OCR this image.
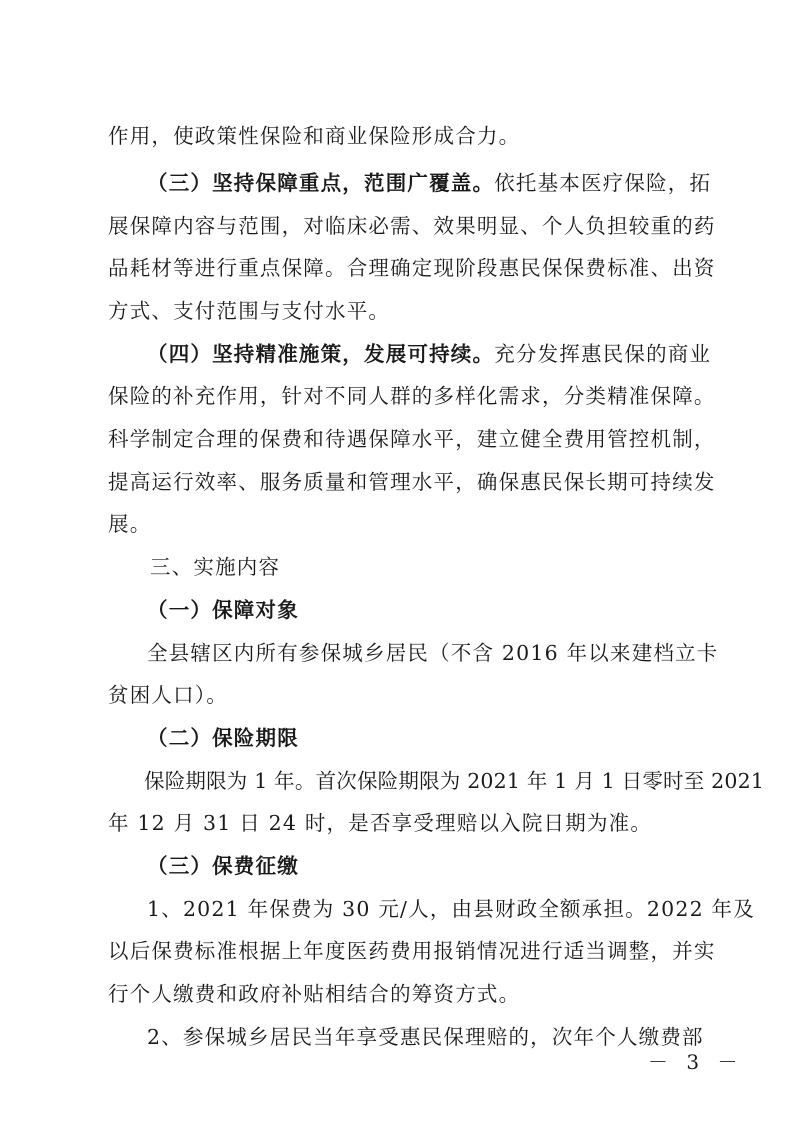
作用，使政策性保险和商业保险形成合力。
（三）坚持保障重点，范围广覆盖。依托基本医疗保险，拓
展保障内容与范围，对临床必需、效果明显、个人负担较重的药
品耗材等进行重点保障。合理确定现阶段惠民保保费标准、出资
方式、支付范围与支付水平。
（四）坚持精准施策，发展可持续。充分发挥惠民保的商业
保险的补充作用，针对不同人群的多样化需求，分类精准保障。
科学制定合理的保费和待遇保障水平，建立健全费用管控机制，
提高运行效率、服务质量和管理水平，确保惠民保长期可持续发
展。
三、实施内容
（一）保障对象
全县辖区内所有参保城乡居民（不含 2016 年以来建档立卡
贫困人口）。
（二）保险期限
保险期限为 1 年。首次保险期限为 2021 年 1 月 1 日零时至 2021
年 12 月 31 日 24 时，是否享受理赔以入院日期为准。
（三）保费征缴
1、2021 年保费为 30 元/人，由县财政全额承担。2022 年及
以后保费标准根据上年度医药费用报销情况进行适当调整，并实
行个人缴费和政府补贴相结合的筹资方式。
2、参保城乡居民当年享受惠民保理赔的，次年个人缴费部
－ 3 －
